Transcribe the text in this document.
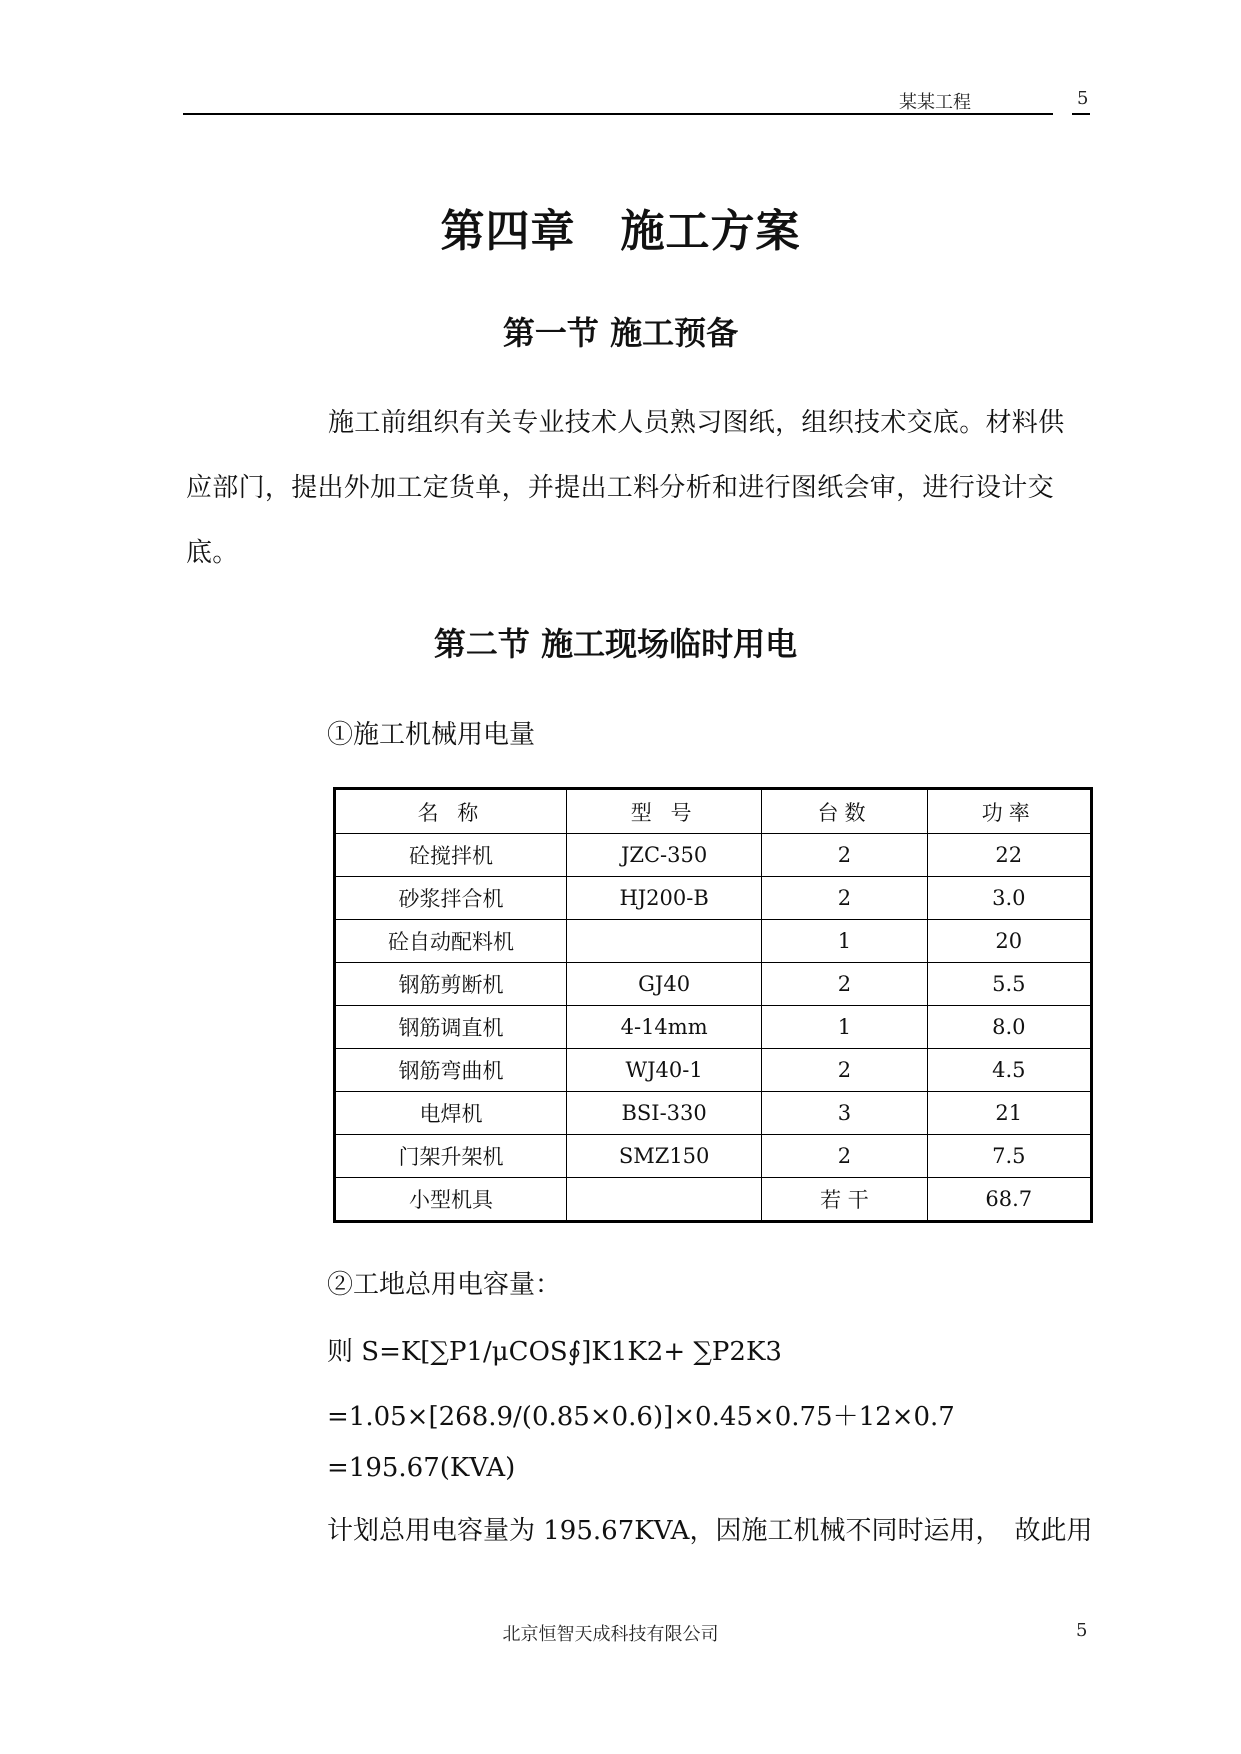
某某工程	5
第四章　施工方案
第一节 施工预备
施工前组织有关专业技术人员熟习图纸，组织技术交底。材料供应部门，提出外加工定货单，并提出工料分析和进行图纸会审，进行设计交底。
第二节 施工现场临时用电
①施工机械用电量
名 称	型 号	台数	功率
砼搅拌机	JZC-350	2	22
砂浆拌合机	HJ200-B	2	3.0
砼自动配料机		1	20
钢筋剪断机	GJ40	2	5.5
钢筋调直机	4-14mm	1	8.0
钢筋弯曲机	WJ40-1	2	4.5
电焊机	BSI-330	3	21
门架升架机	SMZ150	2	7.5
小型机具		若 干	68.7
②工地总用电容量：
则 S=K[∑P1/μCOS∮]K1K2+ ∑P2K3
=1.05×[268.9/(0.85×0.6)]×0.45×0.75＋12×0.7
=195.67(KVA)
计划总用电容量为 195.67KVA，因施工机械不同时运用，　故此用
北京恒智天成科技有限公司	5
